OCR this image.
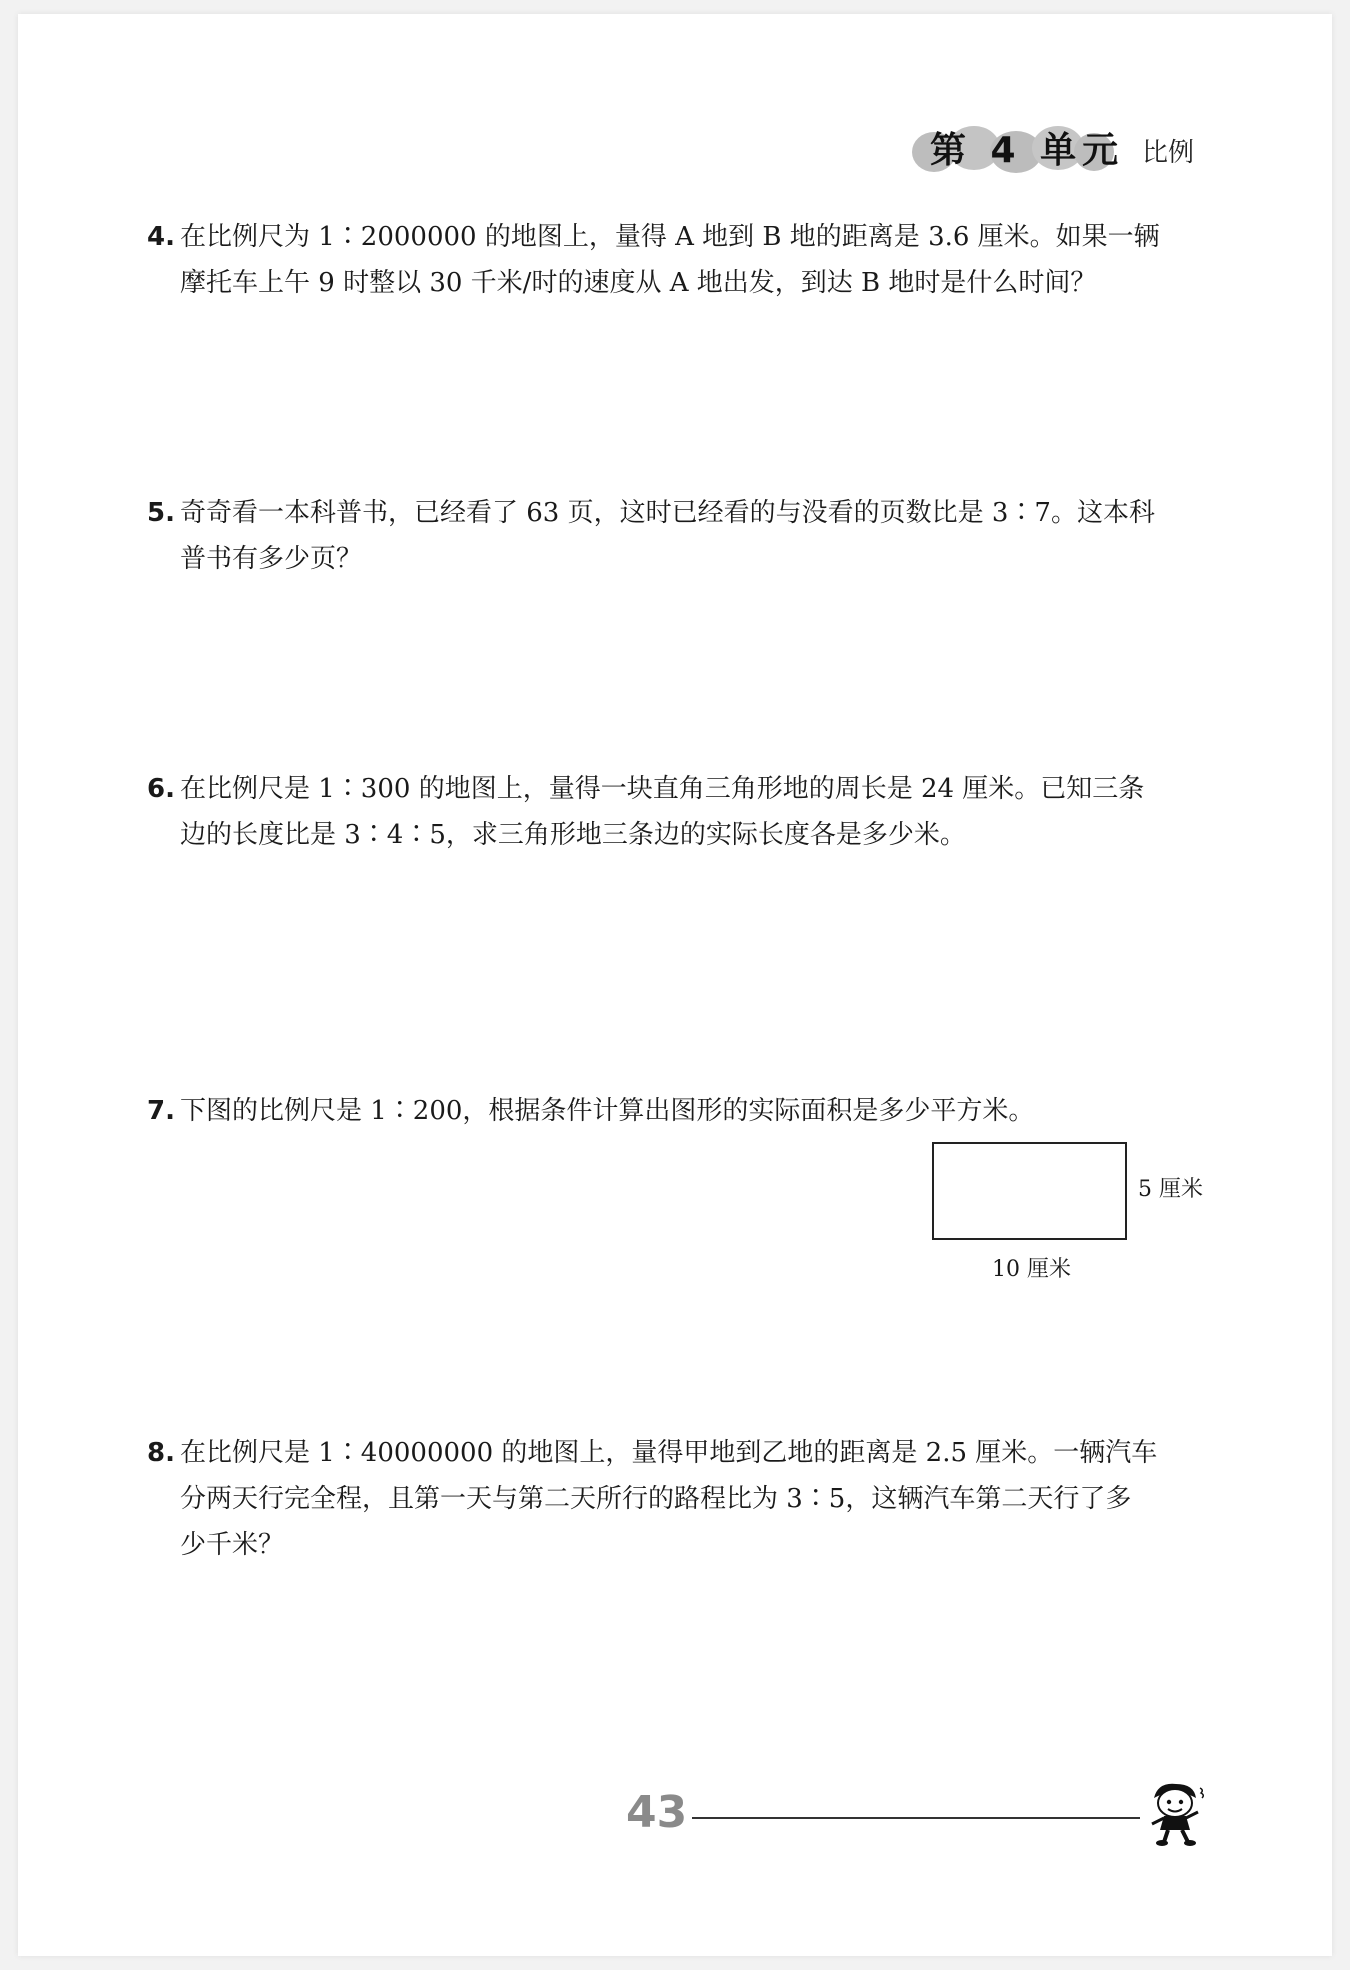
第 4 单元 比例
4. 在比例尺为 1∶2000000 的地图上，量得 A 地到 B 地的距离是 3.6 厘米。如果一辆
摩托车上午 9 时整以 30 千米/时的速度从 A 地出发，到达 B 地时是什么时间？
5. 奇奇看一本科普书，已经看了 63 页，这时已经看的与没看的页数比是 3∶7。这本科
普书有多少页？
6. 在比例尺是 1∶300 的地图上，量得一块直角三角形地的周长是 24 厘米。已知三条
边的长度比是 3∶4∶5，求三角形地三条边的实际长度各是多少米。
7. 下图的比例尺是 1∶200，根据条件计算出图形的实际面积是多少平方米。
5 厘米
10 厘米
8. 在比例尺是 1∶40000000 的地图上，量得甲地到乙地的距离是 2.5 厘米。一辆汽车
分两天行完全程，且第一天与第二天所行的路程比为 3∶5，这辆汽车第二天行了多
少千米？
43
